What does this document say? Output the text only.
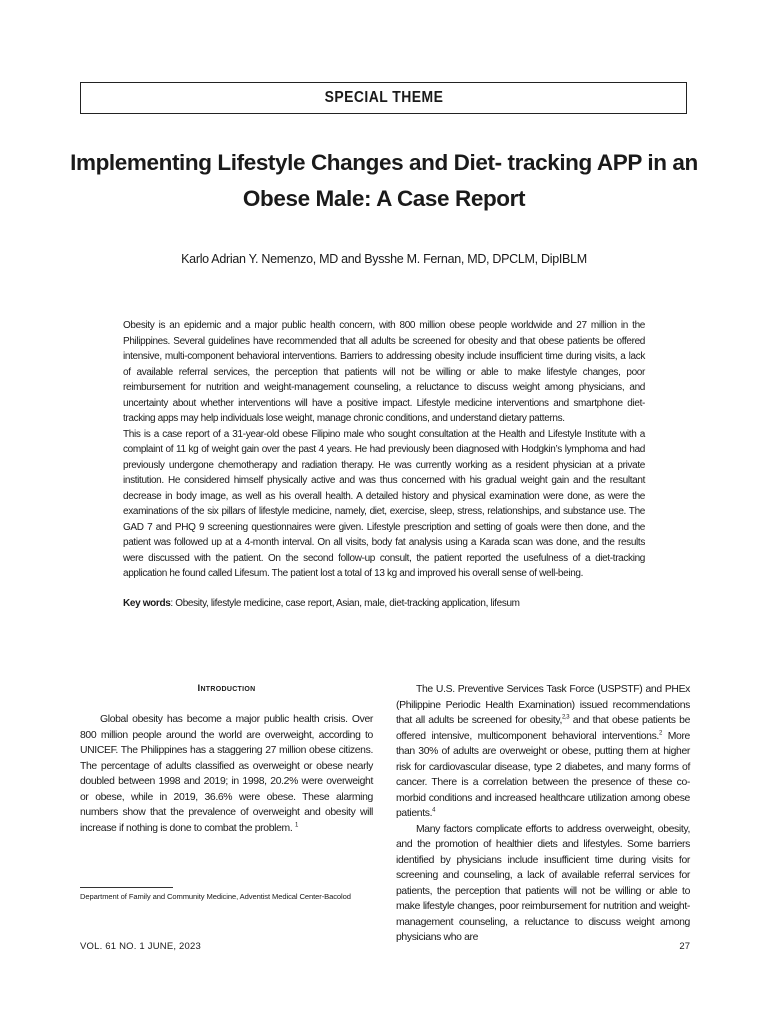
SPECIAL THEME
Implementing Lifestyle Changes and Diet- tracking APP in an
Obese Male: A Case Report
Karlo Adrian Y. Nemenzo, MD and Bysshe M. Fernan, MD, DPCLM, DipIBLM

Obesity is an epidemic and a major public health concern, with 800 million obese people worldwide and 27 million in the Philippines. Several guidelines have recommended that all adults be screened for obesity and that obese patients be offered intensive, multi-component behavioral interventions. Barriers to addressing obesity include insufficient time during visits, a lack of available referral services, the perception that patients will not be willing or able to make lifestyle changes, poor reimbursement for nutrition and weight-management counseling, a reluctance to discuss weight among physicians, and uncertainty about whether interventions will have a positive impact. Lifestyle medicine interventions and smartphone diet-tracking apps may help individuals lose weight, manage chronic conditions, and understand dietary patterns.

This is a case report of a 31-year-old obese Filipino male who sought consultation at the Health and Lifestyle Institute with a complaint of 11 kg of weight gain over the past 4 years. He had previously been diagnosed with Hodgkin’s lymphoma and had previously undergone chemotherapy and radiation therapy. He was currently working as a resident physician at a private institution. He considered himself physically active and was thus concerned with his gradual weight gain and the resultant decrease in body image, as well as his overall health. A detailed history and physical examination were done, as were the examinations of the six pillars of lifestyle medicine, namely, diet, exercise, sleep, stress, relationships, and substance use. The GAD 7 and PHQ 9 screening questionnaires were given. Lifestyle prescription and setting of goals were then done, and the patient was followed up at a 4-month interval. On all visits, body fat analysis using a Karada scan was done, and the results were discussed with the patient. On the second follow-up consult, the patient reported the usefulness of a diet-tracking application he found called Lifesum. The patient lost a total of 13 kg and improved his overall sense of well-being.

Key words: Obesity, lifestyle medicine, case report, Asian, male, diet-tracking application, lifesum
Introduction

Global obesity has become a major public health crisis. Over 800 million people around the world are overweight, according to UNICEF. The Philippines has a staggering 27 million obese citizens. The percentage of adults classified as overweight or obese nearly doubled between 1998 and 2019; in 1998, 20.2% were overweight or obese, while in 2019, 36.6% were obese. These alarming numbers show that the prevalence of overweight and obesity will increase if nothing is done to combat the problem. $^1$

The U.S. Preventive Services Task Force (USPSTF) and PHEx (Philippine Periodic Health Examination) issued recommendations that all adults be screened for obesity,$^{2,3}$ and that obese patients be offered intensive, multicomponent behavioral interventions.$^2$ More than 30% of adults are overweight or obese, putting them at higher risk for cardiovascular disease, type 2 diabetes, and many forms of cancer. There is a correlation between the presence of these co-morbid conditions and increased healthcare utilization among obese patients.$^4$

Many factors complicate efforts to address overweight, obesity, and the promotion of healthier diets and lifestyles. Some barriers identified by physicians include insufficient time during visits for screening and counseling, a lack of available referral services for patients, the perception that patients will not be willing or able to make lifestyle changes, poor reimbursement for nutrition and weight-management counseling, a reluctance to discuss weight among physicians who are

Department of Family and Community Medicine, Adventist Medical Center-Bacolod
VOL. 61 NO. 1 JUNE, 2023	27
